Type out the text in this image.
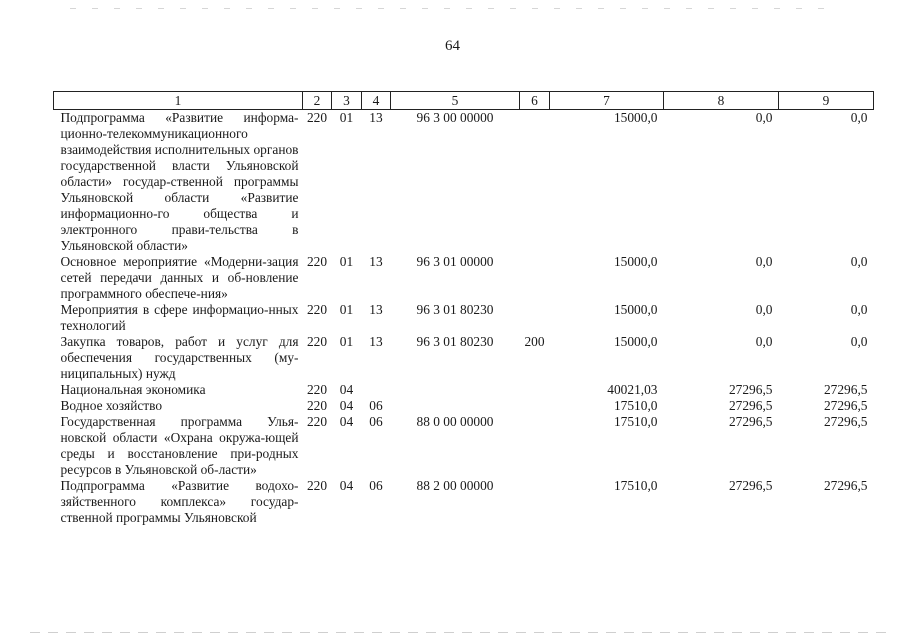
64
1	2	3	4	5	6	7	8	9

Подпрограмма «Развитие информа-ционно-телекоммуникационного взаимодействия исполнительных органов государственной власти Ульяновской области» государ-ственной программы Ульяновской области «Развитие информационно-го общества и электронного прави-тельства в Ульяновской области»	220	01	13	96 3 00 00000		15000,0	0,0	0,0

Основное мероприятие «Модерни-зация сетей передачи данных и об-новление программного обеспече-ния»	220	01	13	96 3 01 00000		15000,0	0,0	0,0

Мероприятия в сфере информацио-нных технологий	220	01	13	96 3 01 80230		15000,0	0,0	0,0

Закупка товаров, работ и услуг для обеспечения государственных (му-ниципальных) нужд	220	01	13	96 3 01 80230	200	15000,0	0,0	0,0

Национальная экономика	220	04				40021,03	27296,5	27296,5

Водное хозяйство	220	04	06			17510,0	27296,5	27296,5

Государственная программа Улья-новской области «Охрана окружа-ющей среды и восстановление при-родных ресурсов в Ульяновской об-ласти»	220	04	06	88 0 00 00000		17510,0	27296,5	27296,5

Подпрограмма «Развитие водохо-зяйственного комплекса» государ-ственной программы Ульяновской	220	04	06	88 2 00 00000		17510,0	27296,5	27296,5
